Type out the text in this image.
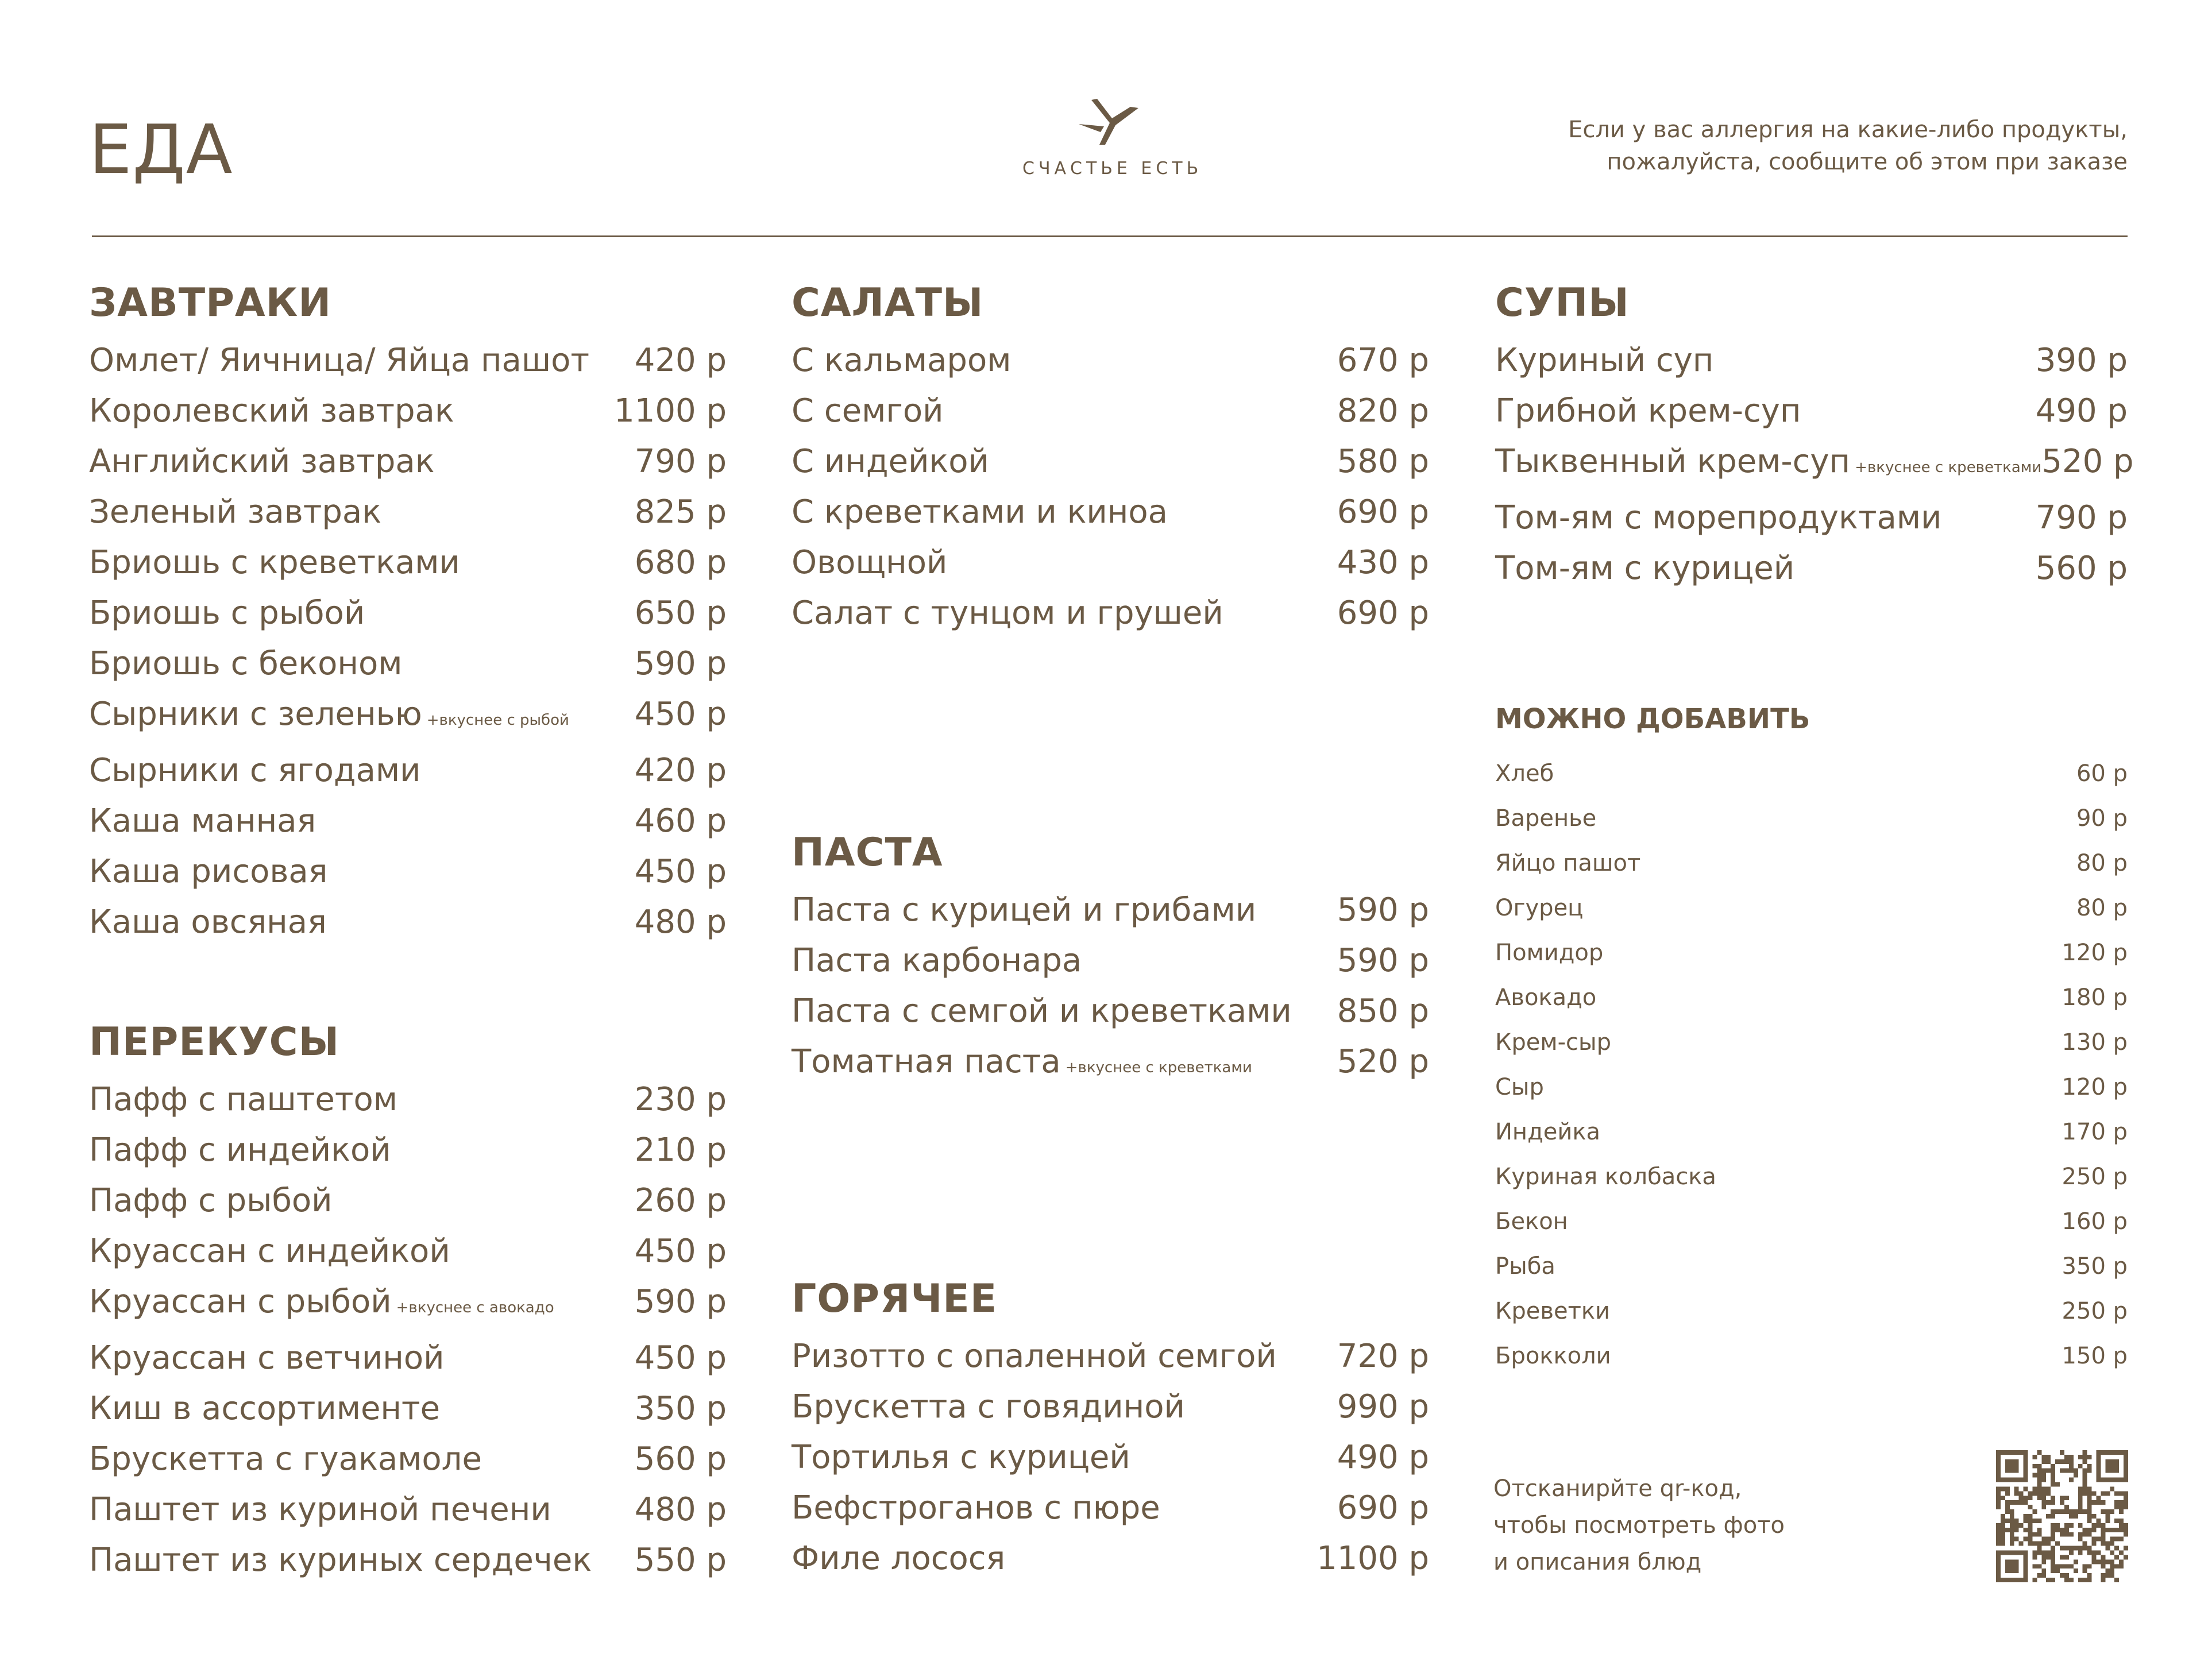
ЕДА	СЧАСТЬЕ ЕСТЬ
Если у вас аллергия на какие-либо продукты,
пожалуйста, сообщите об этом при заказе
ЗАВТРАКИ
Омлет/ Яичница/ Яйца пашот 420 р
Королевский завтрак	1100 р
Английский завтрак	790 р
Зеленый завтрак	825 р
Бриошь с креветками	680 р
Бриошь с рыбой	650 р
Бриошь с беконом	590 р
Сырники с зеленью +вкуснее с рыбой 450 р
Сырники с ягодами	420 р
Каша манная	460 р
Каша рисовая	450 р
Каша овсяная	480 р
ПЕРЕКУСЫ
Пафф с паштетом	230 р
Пафф с индейкой	210 р
Пафф с рыбой	260 р
Круассан с индейкой	450 р
Круассан с рыбой +вкуснее с авокадо	590 р
Круассан с ветчиной	450 р
Киш в ассортименте	350 р
Брускетта с гуакамоле	560 р
Паштет из куриной печени	480 р
Паштет из куриных сердечек 550 р
САЛАТЫ
С кальмаром	670 р
С семгой	820 р
С индейкой	580 р
С креветками и киноа	690 р
Овощной	430 р
Салат с тунцом и грушей	690 р
ПАСТА
Паста с курицей и грибами	590 р
Паста карбонара	590 р
Паста с семгой и креветками 850 р
Томатная паста +вкуснее с креветками	520 р
ГОРЯЧЕЕ
Ризотто с опаленной семгой 720 р
Брускетта с говядиной	990 р
Тортилья с курицей	490 р
Бефстроганов с пюре	690 р
Филе лосося	1100 р
СУПЫ
Куриный суп	390 р
Грибной крем-суп	490 р
Тыквенный крем-суп +вкуснее с креветками 520 р
Том-ям с морепродуктами	790 р
Том-ям с курицей	560 р
МОЖНО ДОБАВИТЬ
Хлеб	60 р
Варенье	90 р
Яйцо пашот	80 р
Огурец	80 р
Помидор	120 р
Авокадо	180 р
Крем-сыр	130 р
Сыр	120 р
Индейка	170 р
Куриная колбаска	250 р
Бекон	160 р
Рыба	350 р
Креветки	250 р
Брокколи	150 р
Отсканирйте qr-код,
чтобы посмотреть фото
и описания блюд
